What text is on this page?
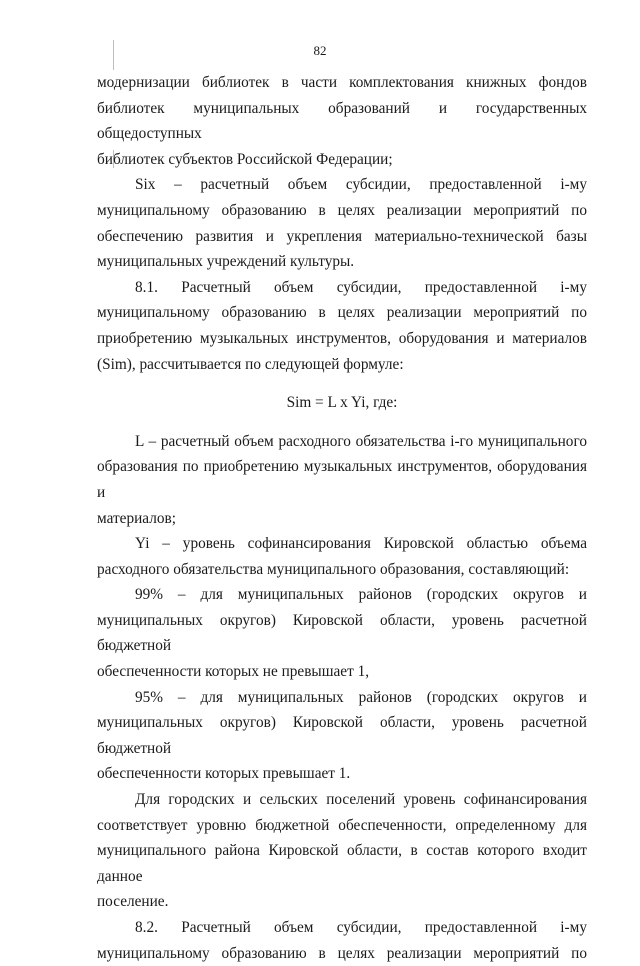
82

модернизации библиотек в части комплектования книжных фондов

библиотек муниципальных образований и государственных общедоступных

библиотек субъектов Российской Федерации;

Six – расчетный объем субсидии, предоставленной i-му

муниципальному образованию в целях реализации мероприятий по

обеспечению развития и укрепления материально-технической базы

муниципальных учреждений культуры.

8.1. Расчетный объем субсидии, предоставленной i-му

муниципальному образованию в целях реализации мероприятий по

приобретению музыкальных инструментов, оборудования и материалов

(Sim), рассчитывается по следующей формуле:

Sim = L x Yi, где:

L – расчетный объем расходного обязательства i-го муниципального

образования по приобретению музыкальных инструментов, оборудования и

материалов;

Yi – уровень софинансирования Кировской областью объема

расходного обязательства муниципального образования, составляющий:

99% – для муниципальных районов (городских округов и

муниципальных округов) Кировской области, уровень расчетной бюджетной

обеспеченности которых не превышает 1,

95% – для муниципальных районов (городских округов и

муниципальных округов) Кировской области, уровень расчетной бюджетной

обеспеченности которых превышает 1.

Для городских и сельских поселений уровень софинансирования

соответствует уровню бюджетной обеспеченности, определенному для

муниципального района Кировской области, в состав которого входит данное

поселение.

8.2. Расчетный объем субсидии, предоставленной i-му

муниципальному образованию в целях реализации мероприятий по
